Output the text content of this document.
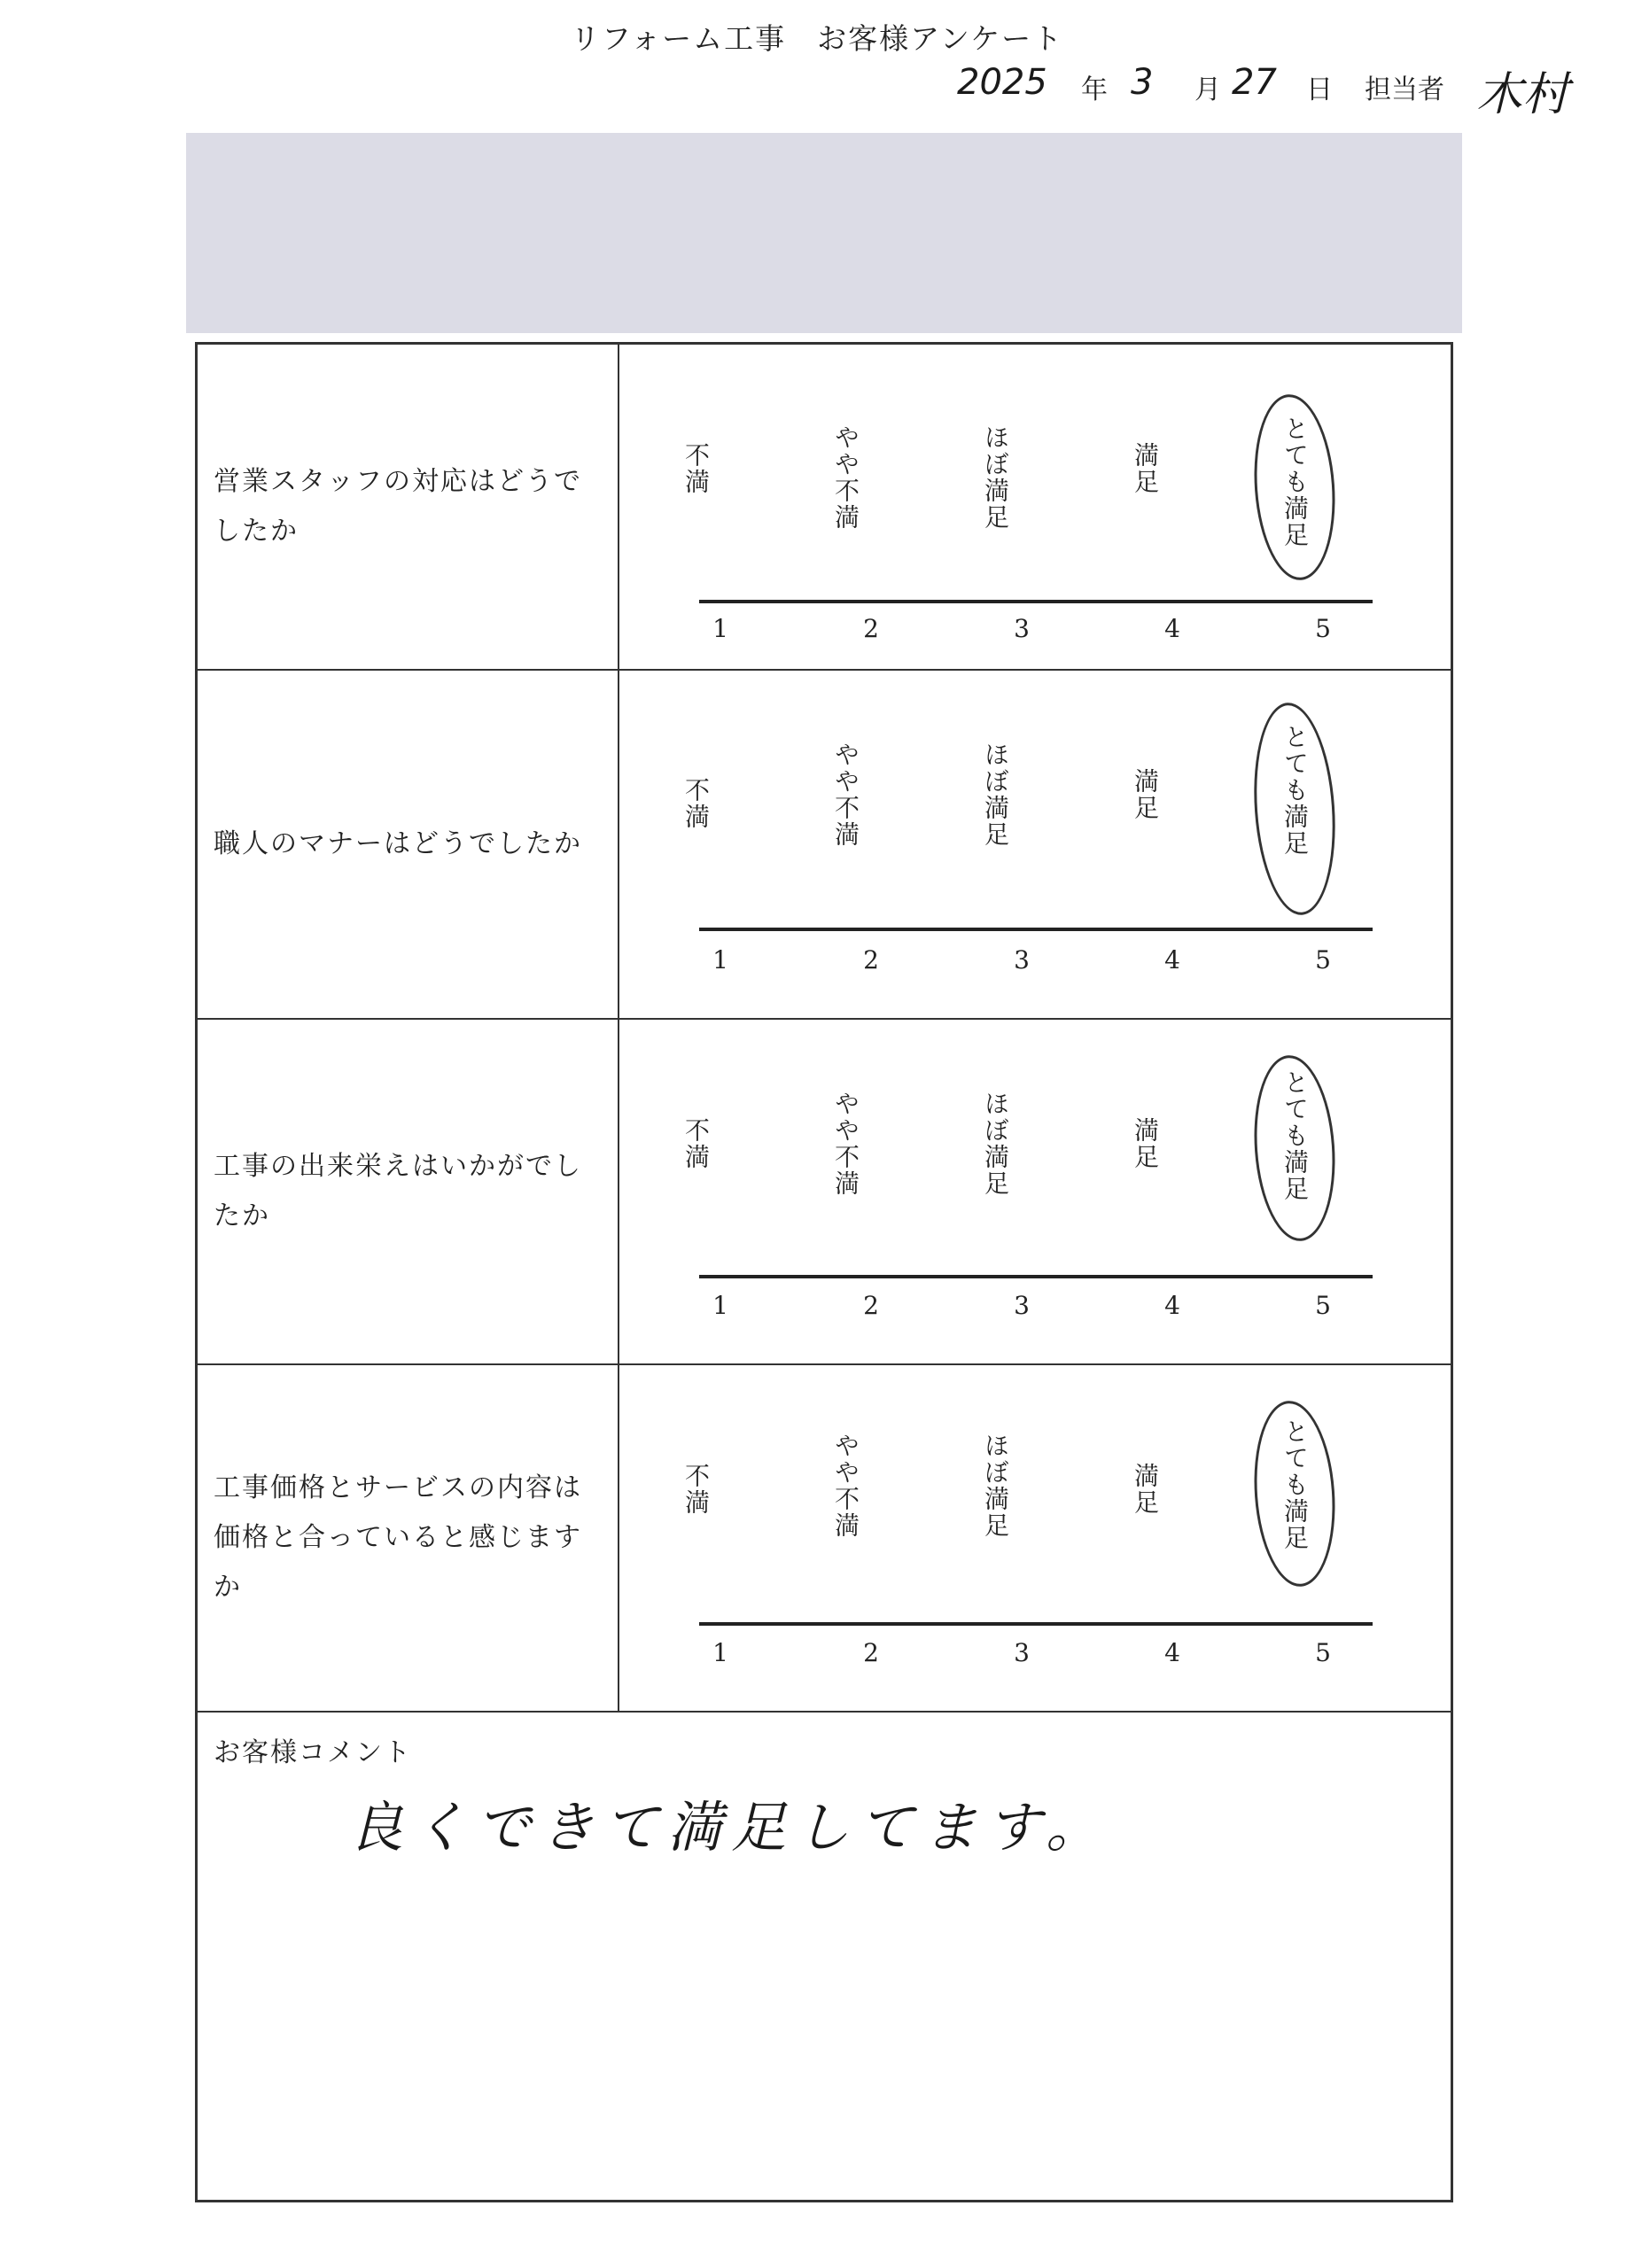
リフォーム工事　お客様アンケート
2025 年 3 月 27 日 担当者 木村
営業スタッフの対応はどうでしたか
不満	やや不満	ほぼ満足	満足	とても満足
1	2	3	4	5
職人のマナーはどうでしたか
不満	やや不満	ほぼ満足	満足	とても満足
1	2	3	4	5
工事の出来栄えはいかがでしたか
不満	やや不満	ほぼ満足	満足	とても満足
1	2	3	4	5
工事価格とサービスの内容は価格と合っていると感じますか
不満	やや不満	ほぼ満足	満足	とても満足
1	2	3	4	5
お客様コメント
良くできて満足してます。
